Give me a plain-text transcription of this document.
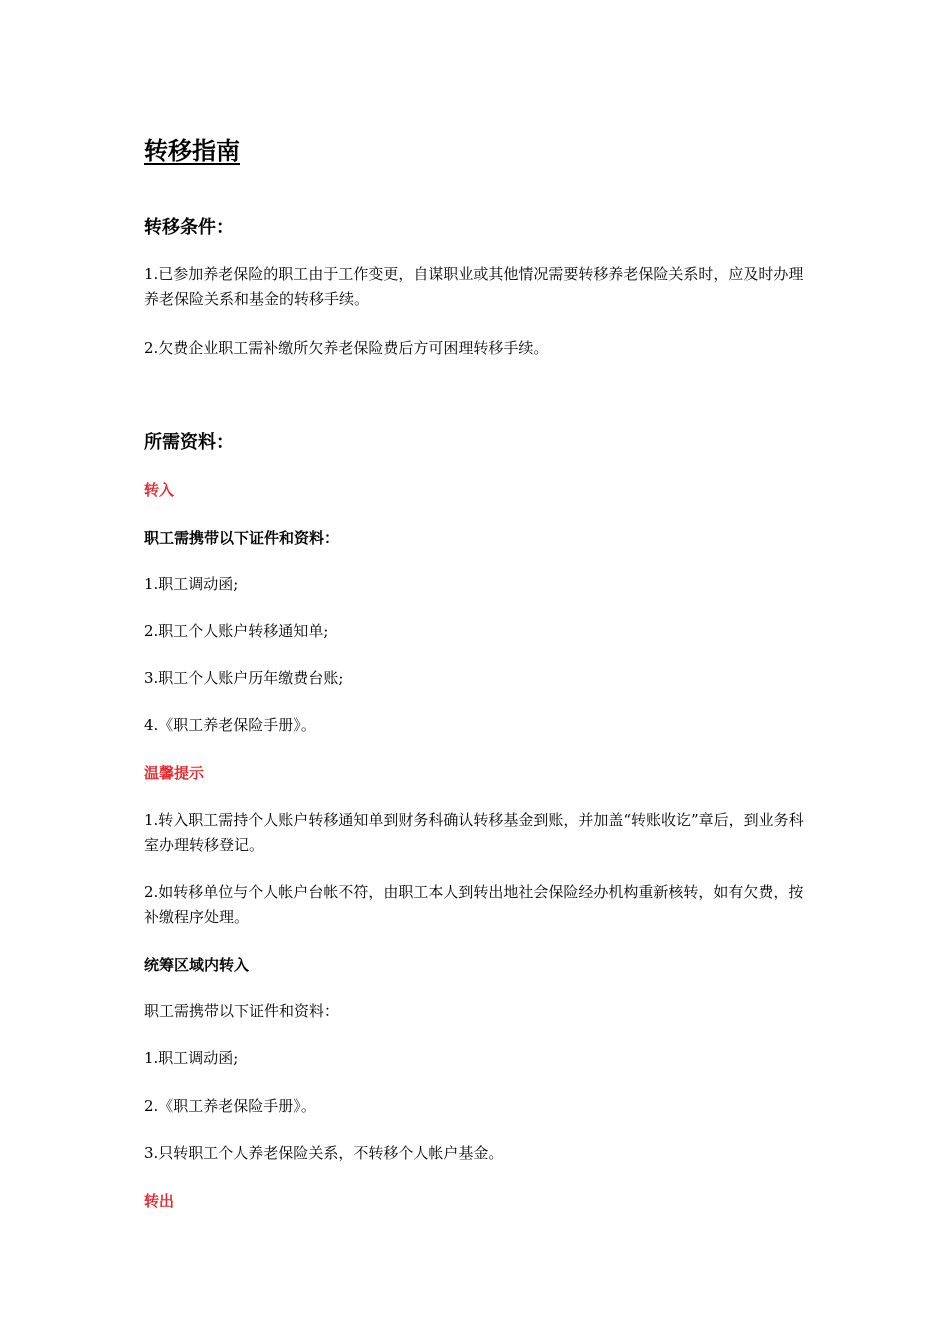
转移指南
转移条件：

1.已参加养老保险的职工由于工作变更，自谋职业或其他情况需要转移养老保险关系时，应及时办理养老保险关系和基金的转移手续。

2.欠费企业职工需补缴所欠养老保险费后方可困理转移手续。

所需资料：
转入
职工需携带以下证件和资料：

1.职工调动函;

2.职工个人账户转移通知单;

3.职工个人账户历年缴费台账;

4.《职工养老保险手册》。

温馨提示

1.转入职工需持个人账户转移通知单到财务科确认转移基金到账，并加盖“转账收讫”章后，到业务科室办理转移登记。

2.如转移单位与个人帐户台帐不符，由职工本人到转出地社会保险经办机构重新核转，如有欠费，按补缴程序处理。

统筹区域内转入

职工需携带以下证件和资料：

1.职工调动函;

2.《职工养老保险手册》。

3.只转职工个人养老保险关系，不转移个人帐户基金。

转出
